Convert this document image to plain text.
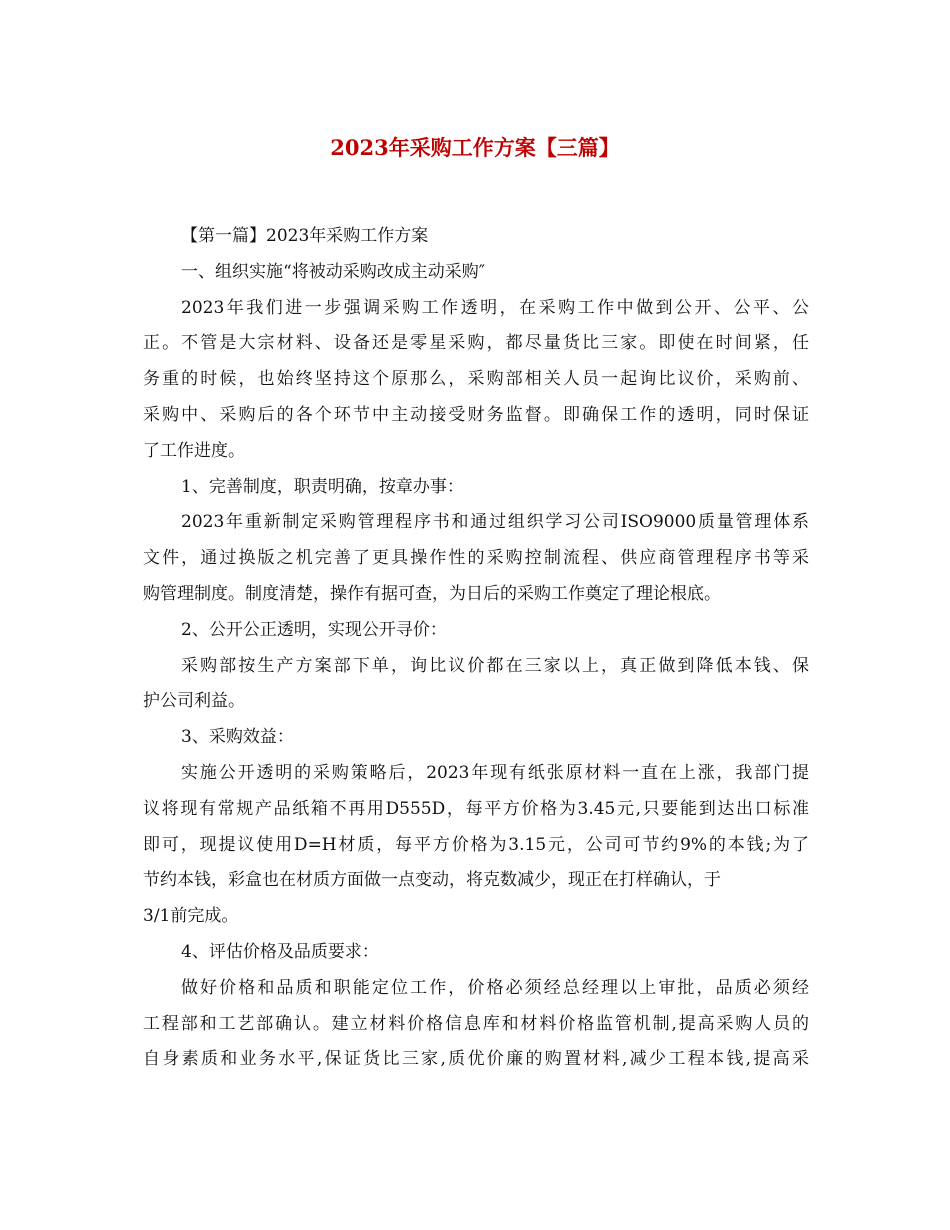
2023年采购工作方案【三篇】
【第一篇】2023年采购工作方案
一、组织实施“将被动采购改成主动采购″
2023年我们进一步强调采购工作透明，在采购工作中做到公开、公平、公
正。不管是大宗材料、设备还是零星采购，都尽量货比三家。即使在时间紧，任
务重的时候，也始终坚持这个原那么，采购部相关人员一起询比议价，采购前、
采购中、采购后的各个环节中主动接受财务监督。即确保工作的透明，同时保证
了工作进度。
1、完善制度，职责明确，按章办事：
2023年重新制定采购管理程序书和通过组织学习公司ISO9000质量管理体系
文件，通过换版之机完善了更具操作性的采购控制流程、供应商管理程序书等采
购管理制度。制度清楚，操作有据可查，为日后的采购工作奠定了理论根底。
2、公开公正透明，实现公开寻价：
采购部按生产方案部下单，询比议价都在三家以上，真正做到降低本钱、保
护公司利益。
3、采购效益：
实施公开透明的采购策略后，2023年现有纸张原材料一直在上涨，我部门提
议将现有常规产品纸箱不再用D555D，每平方价格为3.45元,只要能到达出口标准
即可，现提议使用D=H材质，每平方价格为3.15元，公司可节约9%的本钱;为了
节约本钱，彩盒也在材质方面做一点变动，将克数减少，现正在打样确认，于
3/1前完成。
4、评估价格及品质要求：
做好价格和品质和职能定位工作，价格必须经总经理以上审批，品质必须经
工程部和工艺部确认。建立材料价格信息库和材料价格监管机制,提高采购人员的
自身素质和业务水平,保证货比三家,质优价廉的购置材料,减少工程本钱,提高采
